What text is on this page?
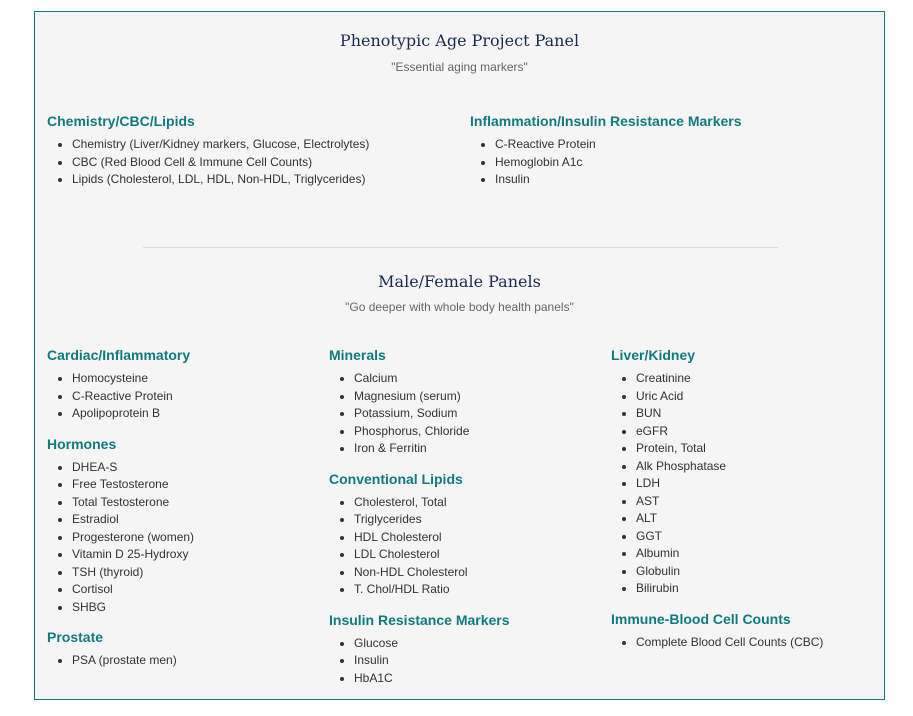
Phenotypic Age Project Panel

"Essential aging markers"

Chemistry/CBC/Lipids
• Chemistry (Liver/Kidney markers, Glucose, Electrolytes)
• CBC (Red Blood Cell & Immune Cell Counts)
• Lipids (Cholesterol, LDL, HDL, Non-HDL, Triglycerides)
Inflammation/Insulin Resistance Markers
• C-Reactive Protein
• Hemoglobin A1c
• Insulin
Male/Female Panels

"Go deeper with whole body health panels"

Cardiac/Inflammatory
• Homocysteine
• C-Reactive Protein
• Apolipoprotein B
Hormones
• DHEA-S
• Free Testosterone
• Total Testosterone
• Estradiol
• Progesterone (women)
• Vitamin D 25-Hydroxy
• TSH (thyroid)
• Cortisol
• SHBG
Prostate
• PSA (prostate men)
Minerals
• Calcium
• Magnesium (serum)
• Potassium, Sodium
• Phosphorus, Chloride
• Iron & Ferritin
Conventional Lipids
• Cholesterol, Total
• Triglycerides
• HDL Cholesterol
• LDL Cholesterol
• Non-HDL Cholesterol
• T. Chol/HDL Ratio
Insulin Resistance Markers
• Glucose
• Insulin
• HbA1C
Liver/Kidney
• Creatinine
• Uric Acid
• BUN
• eGFR
• Protein, Total
• Alk Phosphatase
• LDH
• AST
• ALT
• GGT
• Albumin
• Globulin
• Bilirubin
Immune-Blood Cell Counts
• Complete Blood Cell Counts (CBC)
